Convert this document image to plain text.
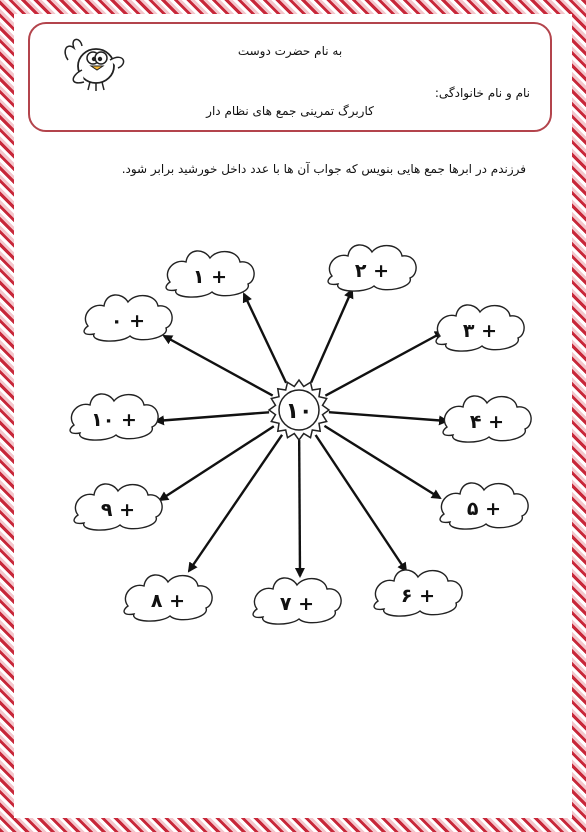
به نام حضرت دوست
نام و نام خانوادگی:
کاربرگ تمرینی جمع های نظام دار
فرزندم در ابرها جمع هایی بنویس که جواب آن ها با عدد داخل خورشید برابر شود.
+ ۱	+ ۲
+ ۳
+ ۴
+ ۵
+ ۶
+ ۷
+ ۸
+ ۹
+ ۱۰
+ ۰
۱۰
